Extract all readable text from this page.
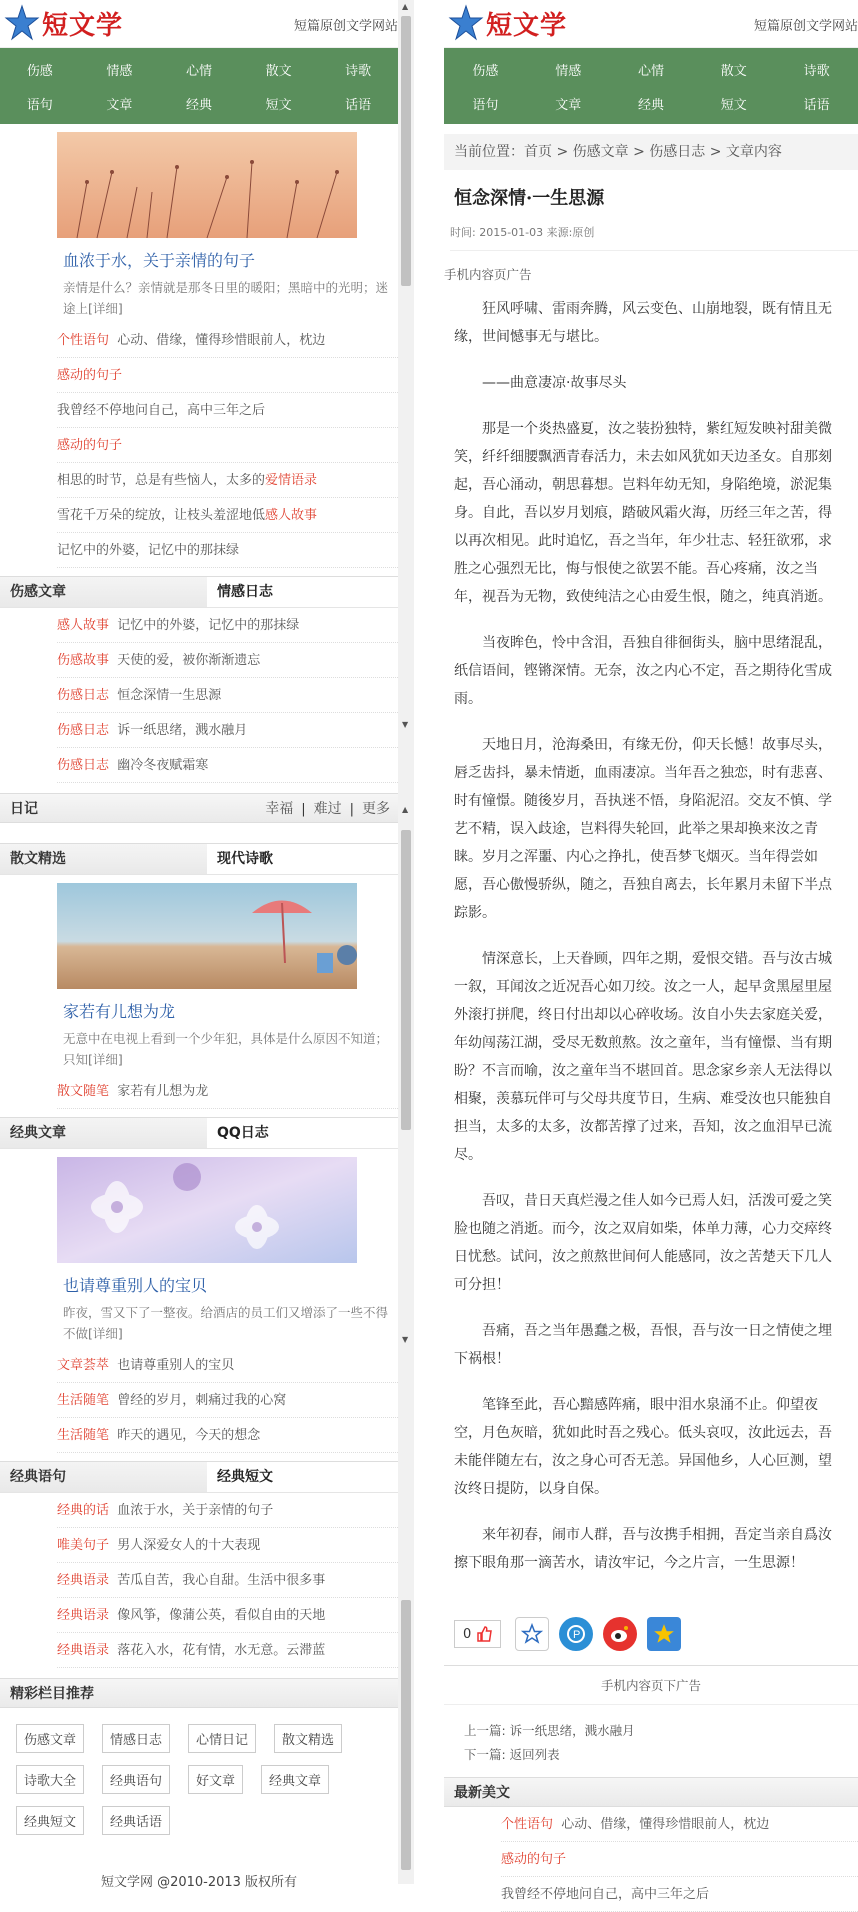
短文学	短篇原创文学网站
伤感	情感	心情	散文	诗歌
语句	文章	经典	短文	话语
血浓于水，关于亲情的句子
亲情是什么？亲情就是那冬日里的暖阳；黑暗中的光明；迷途上[详细]
个性语句 心动、借缘，懂得珍惜眼前人，枕边
感动的句子
我曾经不停地问自己，高中三年之后
感动的句子
相思的时节，总是有些恼人，太多的爱情语录
雪花千万朵的绽放，让枝头羞涩地低感人故事
记忆中的外婆，记忆中的那抹绿
伤感文章	情感日志
感人故事 记忆中的外婆，记忆中的那抹绿
伤感故事 天使的爱，被你渐渐遗忘
伤感日志 恒念深情一生思源
伤感日志 诉一纸思绪，溅水融月
伤感日志 幽冷冬夜赋霜寒
日记	幸福 | 难过 | 更多
散文精选	现代诗歌
家若有儿想为龙
无意中在电视上看到一个少年犯，具体是什么原因不知道；只知[详细]
散文随笔 家若有儿想为龙
经典文章	QQ日志
也请尊重别人的宝贝
昨夜，雪又下了一整夜。给酒店的员工们又增添了一些不得不做[详细]
文章荟萃 也请尊重别人的宝贝
生活随笔 曾经的岁月，刺痛过我的心窝
生活随笔 昨天的遇见，今天的想念
经典语句	经典短文
经典的话 血浓于水，关于亲情的句子
唯美句子 男人深爱女人的十大表现
经典语录 苦瓜自苦，我心自甜。生活中很多事
经典语录 像风筝，像蒲公英，看似自由的天地
经典语录 落花入水，花有情，水无意。云滞蓝
精彩栏目推荐
伤感文章	情感日志	心情日记	散文精选
诗歌大全	经典语句	好文章	经典文章
经典短文	经典话语
短文学网 @2010-2013 版权所有
▲
▼
▲
▼
短文学	短篇原创文学网站
伤感	情感	心情	散文	诗歌
语句	文章	经典	短文	话语
当前位置：首页 > 伤感文章 > 伤感日志 > 文章内容
恒念深情·一生思源
时间: 2015-01-03 来源:原创
手机内容页广告

狂风呼啸、雷雨奔腾，风云变色、山崩地裂，既有情且无缘，世间憾事无与堪比。

——曲意凄凉·故事尽头

那是一个炎热盛夏，汝之装扮独特，紫红短发映衬甜美微笑，纤纤细腰飘洒青春活力，未去如风犹如天边圣女。自那刻起，吾心涌动，朝思暮想。岂料年幼无知，身陷绝境，淤泥集身。自此，吾以岁月划痕，踏破风霜火海，历经三年之苦，得以再次相见。此时追忆，吾之当年，年少壮志、轻狂欲邪，求胜之心强烈无比，悔与恨使之欲罢不能。吾心疼痛，汝之当年，视吾为无物，致使纯洁之心由爱生恨，随之，纯真消逝。

当夜眸色，怜中含泪，吾独自徘徊街头，脑中思绪混乱，纸信语间，铿锵深情。无奈，汝之内心不定，吾之期待化雪成雨。

天地日月，沧海桑田，有缘无份，仰天长憾！故事尽头，唇乏齿抖，暴未情逝，血雨凄凉。当年吾之独恋，时有悲喜、时有憧憬。随後岁月，吾执迷不悟，身陷泥沼。交友不慎、学艺不精，误入歧途，岂料得失轮回，此举之果却换来汝之青睐。岁月之浑噩、内心之挣扎，使吾梦飞烟灭。当年得尝如愿，吾心傲慢骄纵，随之，吾独自离去，长年累月未留下半点踪影。

情深意长，上天眷顾，四年之期，爱恨交错。吾与汝古城一叙，耳闻汝之近况吾心如刀绞。汝之一人，起早贪黑屋里屋外滚打拼爬，终日付出却以心碎收场。汝自小失去家庭关爱，年幼闯荡江湖，受尽无数煎熬。汝之童年，当有憧憬、当有期盼？不言而喻，汝之童年当不堪回首。思念家乡亲人无法得以相聚，羡慕玩伴可与父母共度节日，生病、难受汝也只能独自担当，太多的太多，汝都苦撑了过来，吾知，汝之血泪早已流尽。

吾叹，昔日天真烂漫之佳人如今已焉人妇，活泼可爱之笑脸也随之消逝。而今，汝之双肩如柴，体单力薄，心力交瘁终日忧愁。试问，汝之煎熬世间何人能感同，汝之苦楚天下几人可分担！

吾痛，吾之当年愚蠢之极，吾恨，吾与汝一日之情使之埋下祸根！

笔锋至此，吾心黯感阵痛，眼中泪水泉涌不止。仰望夜空，月色灰暗，犹如此时吾之残心。低头哀叹，汝此远去，吾未能伴随左右，汝之身心可否无恙。异国他乡，人心叵测，望汝终日提防，以身自保。

来年初春，闹市人群，吾与汝携手相拥，吾定当亲自爲汝擦下眼角那一滴苦水，请汝牢记，今之片言，一生思源！

0	P
手机内容页下广告
上一篇: 诉一纸思绪，溅水融月
下一篇: 返回列表
最新美文
个性语句 心动、借缘，懂得珍惜眼前人，枕边
感动的句子
我曾经不停地问自己，高中三年之后
